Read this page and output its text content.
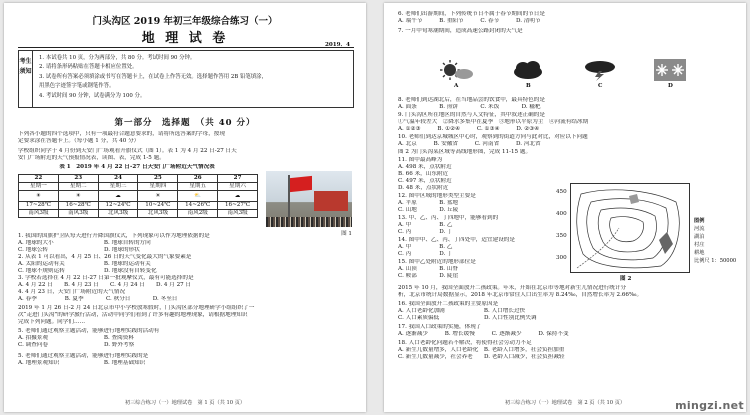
门头沟区 2019 年初三年级综合练习（一）
地 理 试 卷	2019．4
考生须知
1. 本试卷共 10 页，分为两部分，共 80 分。考试时间 90 分钟。
2. 请将条形码粘贴在答题卡相应位置处。
3. 试卷所有答案必须填涂或书写在答题卡上，在试卷上作答无效。选择题作答用 2B 铅笔填涂，
用黑色字迹签字笔或钢笔作答。
4. 考试时间 90 分钟，试卷满分为 100 分。
第一部分　选择题　（共 40 分）
下列各小题的四个选项中，只有一项最符合题意要求的，请将所选答案的字母，按现
定要求涂在答题卡上。（每小题 1 分，共 40 分）
学校组织同学于 4 月份到天安门广场观看升旗仪式（图 1）。表 1 为 4 月 22 日-27 日天
安门广场附近的天气预报情况表，读图、表，完成 1-5 题。
表 1　2019 年 4 月 22 日-27 日天安门广场附近天气情况表
22	23	24	25	26	27
星期一	星期二	星期三	星期四	星期五	星期六
☀	☀	☁	☀	⛅	☁
17~28℃	16~28℃	12~24℃	10~24℃	14~26℃	16~27℃
南风3级	南风3级	北风3级	北风3级	南风2级	南风3级
图 1
1. 我国的国旗护卫队每天进行升降国旗仪式，下列现象可以作为地理依据的是
A. 地球的大小　　　　　　　　　B. 地球自转的方向
C. 地球公转　　　　　　　　　　D. 地球的形状
2. 从表 1 可以看出，4 月 25 日、26 日的天气变化最大的气象要素是
A. 太阳的运动有关　　　　　　　B. 地球的运动有关
C. 地球不规则运转　　　　　　　D. 地球没有自转变化
3. 学校若选择在 4 月 22 日-27 日第一批观摩仪式，最有可能选择的是
A. 4 月 22 日　　B. 4 月 23 日　　C. 4 月 24 日　　D. 4 月 27 日
4. 4 月 23 日，天安门广场附近的天气情况
A. 春季　　　　　B. 夏季　　　　C. 秋分日　　　　D. 冬至日
2019 年 1 月 26 日-2 月 24 日北京市中小学校放寒假时，门头沟区部分地理研学小组组织了一
次“走进门头沟”的研学旅行活动，活动中同学们看到了许多有趣的地理现象，请根据地理知识
完成下列问题。同学们……
5. 老师们通过观察主题活动，能够进行地理实践的活动有
A. 拍摄景观　　　　　　　　　　B. 查阅资料
C. 调查问卷　　　　　　　　　　D. 野外考察
5. 老师们通过观察主题活动，能够进行地理实践的是
A. 地理景观知识　　　　　　　　B. 地理基础知识
初三综合练习（一）地理试卷　第 1 页（共 10 页）
6. 老师们出游期间，下列传统节日不属于春节期间的节日是
A. 端午节　　　B. 重阳节　　　C. 春节　　　D. 清明节
7. 一月中旬寒潮期间，造成高速公路封闭的天气是
A	B	C	D
8. 老师们到达湖北后，在当地品尝的饮食中，最具特色的是
A. 面条　　　　B. 煎饼　　　　C. 米饭　　　　D. 糍粑
9. 门头沟区所在地区的自然与人文特征，其中叙述正确的是
①气温年较差大　②降水多集中在夏季　③地形以平原为主　④河流有结冰期
A. ①②③　　　B. ①②④　　　C. ①③④　　　D. ②③④
10. 老师们到达京城城区中心时，观察到的街道方向与此对比，对应以下问题
A. 北京　　　B. 安徽省　　　C. 河南省　　　D. 河北省
图 2 为门头沟某区域等高线地形图，完成 11-15 题。
11. 图中最高峰为
A. 498 米，点状附近
B. 66 米，山东附近
C. 497 米，点状附近
D. 48 米，点状附近
12. 图中区域的地形类型主要是
A. 平原　　　　B. 盆地
C. 山地　　　　D. 丘陵
13. 甲、乙、丙、丁四地中，能够看到的
A. 甲　　　　　B. 乙
C. 丙　　　　　D. 丁
14. 图中甲、乙、丙、丁四处中，适宜建设的是
A. 甲　　　　　B. 乙
C. 丙　　　　　D. 丁
15. 图中乙处附近的地形部位是
A. 山顶　　　　B. 山脊
C. 鞍部　　　　D. 陡崖
450
400
350
300
图 2
图例
河流
湖泊
村庄
耕地
比例尺 1：50000
2015 年 10 月，我国全面放开二孩政策。年末，开始在北京市等地对新生儿情况进行统计分
析，北京市统计局数据显示，2018 年北京市常住人口出生率为 8.24‰，自然增长率为 2.66‰。
16. 我国全面放开二孩政策的主要原因是
A. 人口老龄化加剧　　　　　　　B. 人口增长过快
C. 人口素质偏低　　　　　　　　D. 人口性别比例失调
17. 我国人口政策的实施，体现了
A. 逐渐减少　　　B. 增长缓慢　　　C. 逐渐减少　　　D. 保持不变
18. 人口老龄化问题若不解决，将使得社会劳动力不足
A. 新生儿数量增多，人口老龄化　B. 老龄人口增多，社会负担加重
C. 新生儿数量减少，社会养老　　D. 老龄人口减少，社会负担减轻
初三综合练习（一）地理试卷　第 2 页（共 10 页）	mingzi.net
